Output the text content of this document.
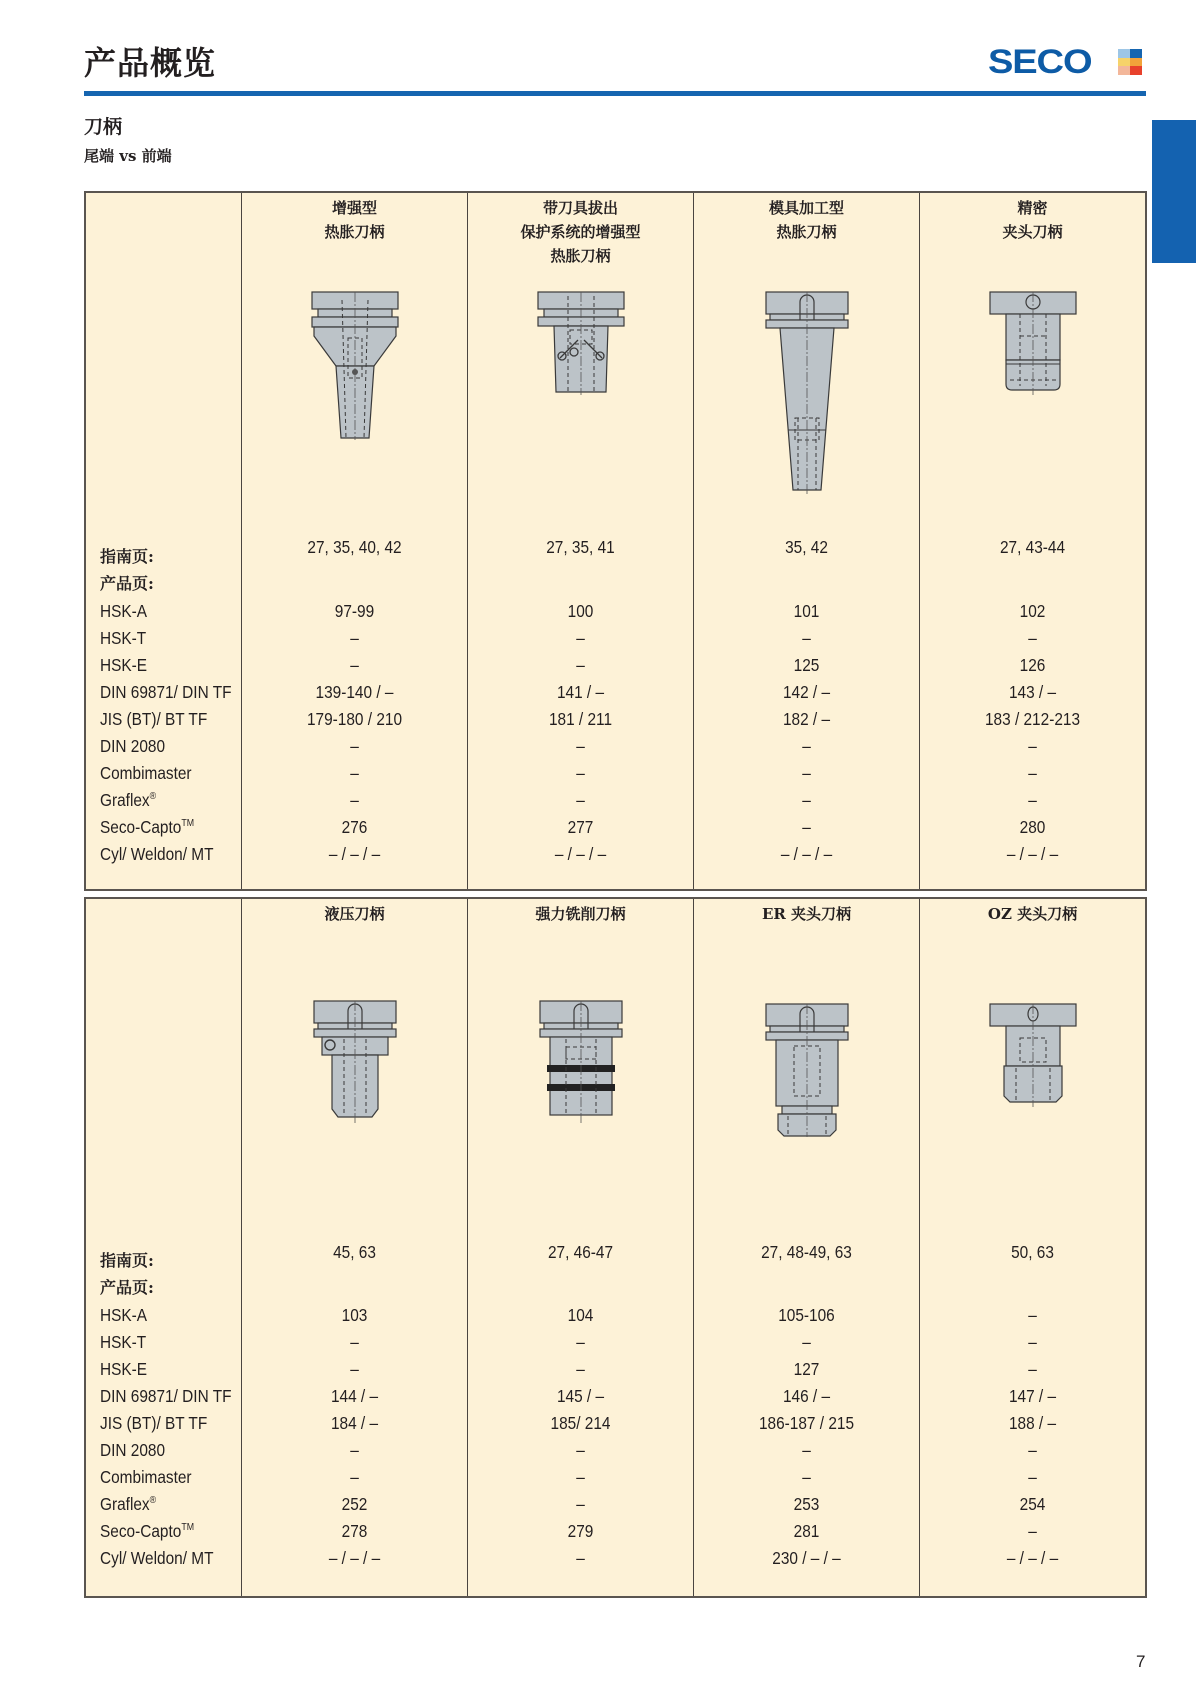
产品概览	SECO
刀柄
尾端 vs 前端
指南页:
产品页:
HSK-A
HSK-T
HSK-E
DIN 69871/ DIN TF
JIS (BT)/ BT TF
DIN 2080
Combimaster
Graflex®
Seco-Capto™
Cyl/ Weldon/ MT
增强型
热胀刀柄
27, 35, 40, 42
97-99
–
–
139-140 / –
179-180 / 210
–
–
–
276
– / – / –
带刀具拔出
保护系统的增强型
热胀刀柄
27, 35, 41
100
–
–
141 / –
181 / 211
–
–
–
277
– / – / –
模具加工型
热胀刀柄
35, 42
101
–
125
142 / –
182 / –
–
–
–
–
– / – / –
精密
夹头刀柄
27, 43-44
102
–
126
143 / –
183 / 212-213
–
–
–
280
– / – / –
指南页:
产品页:
HSK-A
HSK-T
HSK-E
DIN 69871/ DIN TF
JIS (BT)/ BT TF
DIN 2080
Combimaster
Graflex®
Seco-Capto™
Cyl/ Weldon/ MT
液压刀柄
45, 63
103
–
–
144 / –
184 / –
–
–
252
278
– / – / –
强力铣削刀柄
27, 46-47
104
–
–
145 / –
185/ 214
–
–
–
279
–
ER 夹头刀柄
27, 48-49, 63
105-106
–
127
146 / –
186-187 / 215
–
–
253
281
230 / – / –
OZ 夹头刀柄
50, 63
–
–
–
147 / –
188 / –
–
–
254
–
– / – / –
7
